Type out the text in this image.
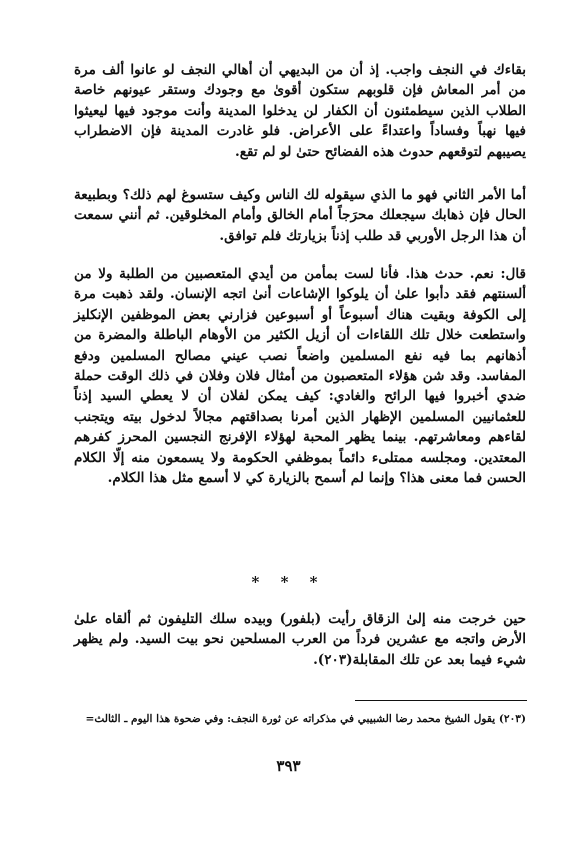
بقاءك في النجف واجب. إذ أن من البديهي أن أهالي النجف لو عانوا ألف مرة من أمر المعاش فإن قلوبهم ستكون أقوىٰ مع وجودك وستقر عيونهم خاصة الطلاب الذين سيطمئنون أن الكفار لن يدخلوا المدينة وأنت موجود فيها ليعيثوا فيها نهباً وفساداً واعتداءً على الأعراض. فلو غادرت المدينة فإن الاضطراب يصيبهم لتوقعهم حدوث هذه الفضائح حتىٰ لو لم تقع.

أما الأمر الثاني فهو ما الذي سيقوله لك الناس وكيف ستسوغ لهم ذلك؟ وبطبيعة الحال فإن ذهابك سيجعلك محرَجاً أمام الخالق وأمام المخلوقين. ثم أنني سمعت أن هذا الرجل الأوربي قد طلب إذناً بزيارتك فلم توافق.

قال: نعم. حدث هذا. فأنا لست بمأمن من أيدي المتعصبين من الطلبة ولا من ألسنتهم فقد دأبوا علىٰ أن يلوكوا الإشاعات أنىٰ اتجه الإنسان. ولقد ذهبت مرة إلى الكوفة وبقيت هناك أسبوعاً أو أسبوعين فزارني بعض الموظفين الإنكليز واستطعت خلال تلك اللقاءات أن أزيل الكثير من الأوهام الباطلة والمضرة من أذهانهم بما فيه نفع المسلمين واضعاً نصب عيني مصالح المسلمين ودفع المفاسد. وقد شن هؤلاء المتعصبون من أمثال فلان وفلان في ذلك الوقت حملة ضدي أخبروا فيها الرائح والغادي: كيف يمكن لفلان أن لا يعطي السيد إذناً للعثمانيين المسلمين الإظهار الذين أمرنا بصداقتهم مجالاً لدخول بيته ويتجنب لقاءهم ومعاشرتهم. بينما يظهر المحبة لهؤلاء الإفرنج النجسين المحرز كفرهم المعتدين. ومجلسه ممتلىء دائماً بموظفي الحكومة ولا يسمعون منه إلّا الكلام الحسن فما معنى هذا؟ وإنما لم أسمح بالزيارة كي لا أسمع مثل هذا الكلام.

* * *

حين خرجت منه إلىٰ الزقاق رأيت (بلفور) وبيده سلك التليفون ثم ألقاه علىٰ الأرض واتجه مع عشرين فرداً من العرب المسلحين نحو بيت السيد. ولم يظهر شيء فيما بعد عن تلك المقابلة(٢٠٣).

(٢٠٣) يقول الشيخ محمد رضا الشبيبي في مذكراته عن ثورة النجف: وفي ضحوة هذا اليوم ـ الثالث=
٣٩٣
